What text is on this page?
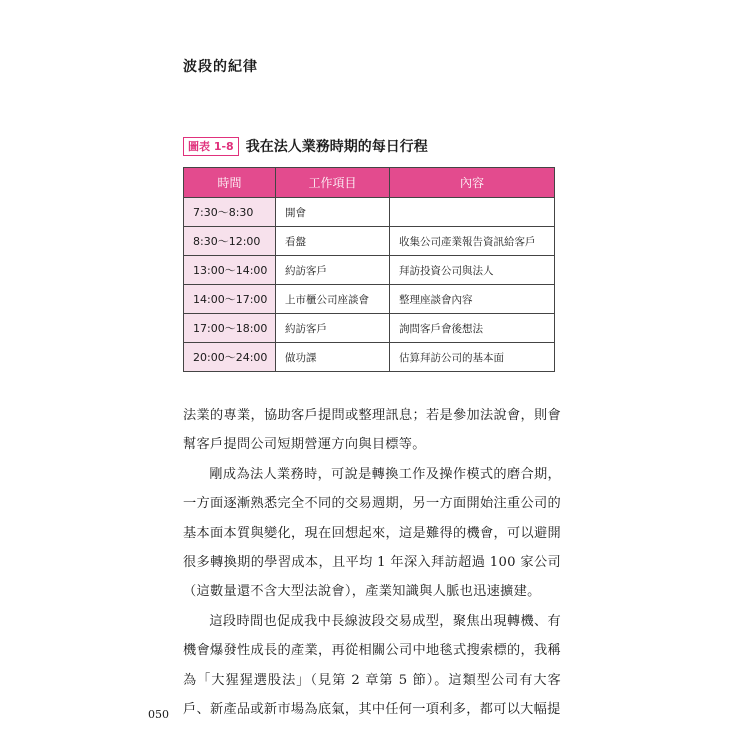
波段的紀律
圖表 1-8 我在法人業務時期的每日行程
時間	工作項目	內容
7:30～8:30	開會	
8:30～12:00	看盤	收集公司產業報告資訊給客戶
13:00～14:00	約訪客戶	拜訪投資公司與法人
14:00～17:00	上市櫃公司座談會	整理座談會內容
17:00～18:00	約訪客戶	詢問客戶會後想法
20:00～24:00	做功課	估算拜訪公司的基本面

法業的專業，協助客戶提問或整理訊息；若是參加法說會，則會幫客戶提問公司短期營運方向與目標等。

剛成為法人業務時，可說是轉換工作及操作模式的磨合期，一方面逐漸熟悉完全不同的交易週期，另一方面開始注重公司的基本面本質與變化，現在回想起來，這是難得的機會，可以避開很多轉換期的學習成本，且平均 1 年深入拜訪超過 100 家公司（這數量還不含大型法說會），產業知識與人脈也迅速擴建。

這段時間也促成我中長線波段交易成型，聚焦出現轉機、有機會爆發性成長的產業，再從相關公司中地毯式搜索標的，我稱為「大猩猩選股法」（見第 2 章第 5 節）。這類型公司有大客戶、新產品或新市場為底氣，其中任何一項利多，都可以大幅提

050
